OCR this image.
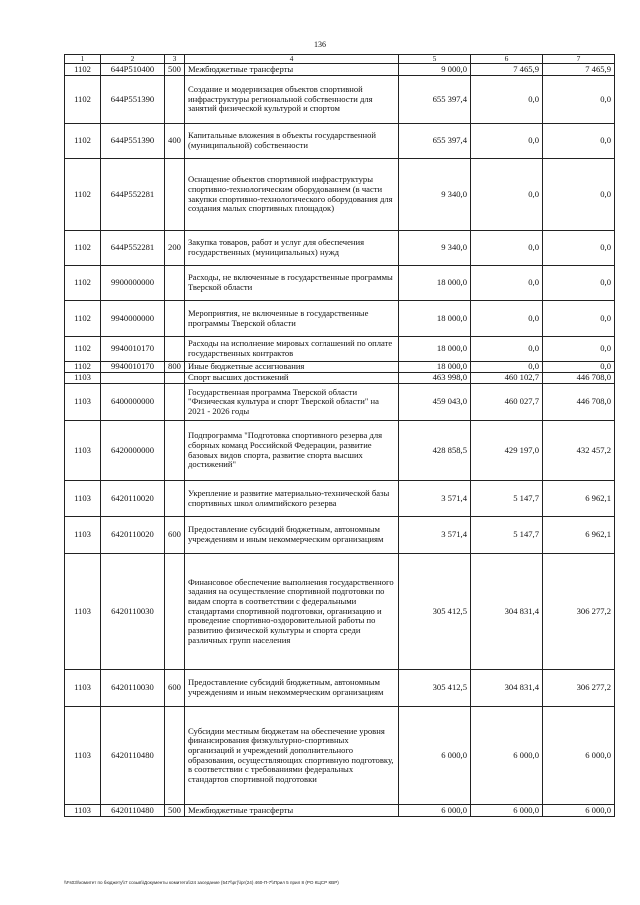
136
1	2	3	4	5	6	7
1102	644P510400	500	Межбюджетные трансферты	9 000,0	7 465,9	7 465,9
1102	644P551390		Создание и модернизация объектов спортивной инфраструктуры региональной собственности для занятий физической культурой и спортом	655 397,4	0,0	0,0
1102	644P551390	400	Капитальные вложения в объекты государственной (муниципальной) собственности	655 397,4	0,0	0,0
1102	644P552281		Оснащение объектов спортивной инфраструктуры спортивно-технологическим оборудованием (в части закупки спортивно-технологического оборудования для создания малых спортивных площадок)	9 340,0	0,0	0,0
1102	644P552281	200	Закупка товаров, работ и услуг для обеспечения государственных (муниципальных) нужд	9 340,0	0,0	0,0
1102	9900000000		Расходы, не включенные в государственные программы Тверской области	18 000,0	0,0	0,0
1102	9940000000		Мероприятия, не включенные в государственные программы Тверской области	18 000,0	0,0	0,0
1102	9940010170		Расходы на исполнение мировых соглашений по оплате государственных контрактов	18 000,0	0,0	0,0
1102	9940010170	800	Иные бюджетные ассигнования	18 000,0	0,0	0,0
1103			Спорт высших достижений	463 998,0	460 102,7	446 708,0
1103	6400000000		Государственная программа Тверской области "Физическая культура и спорт Тверской области" на 2021 - 2026 годы	459 043,0	460 027,7	446 708,0
1103	6420000000		Подпрограмма "Подготовка спортивного резерва для сборных команд Российской Федерации, развитие базовых видов спорта, развитие спорта высших достижений"	428 858,5	429 197,0	432 457,2
1103	6420110020		Укрепление и развитие материально-технической базы спортивных школ олимпийского резерва	3 571,4	5 147,7	6 962,1
1103	6420110020	600	Предоставление субсидий бюджетным, автономным учреждениям и иным некоммерческим организациям	3 571,4	5 147,7	6 962,1
1103	6420110030		Финансовое обеспечение выполнения государственного задания на осуществление спортивной подготовки по видам спорта в соответствии с федеральными стандартами спортивной подготовки, организацию и проведение спортивно-оздоровительной работы по развитию физической культуры и спорта среди различных групп населения	305 412,5	304 831,4	306 277,2
1103	6420110030	600	Предоставление субсидий бюджетным, автономным учреждениям и иным некоммерческим организациям	305 412,5	304 831,4	306 277,2
1103	6420110480		Субсидии местным бюджетам на обеспечение уровня финансирования физкультурно-спортивных организаций и учреждений дополнительного образования, осуществляющих спортивную подготовку, в соответствии с требованиями федеральных стандартов спортивной подготовки	6 000,0	6 000,0	6 000,0
1103	6420110480	500	Межбюджетные трансферты	6 000,0	6 000,0	6 000,0
\\Fs03\\комитет по бюджету\\7 созыв\\Документы комитета\\24 заседание (547\\рг)\\рг(24) 460-П-7\\Прил 5 прил 8 (РО КЦСР КВР)
